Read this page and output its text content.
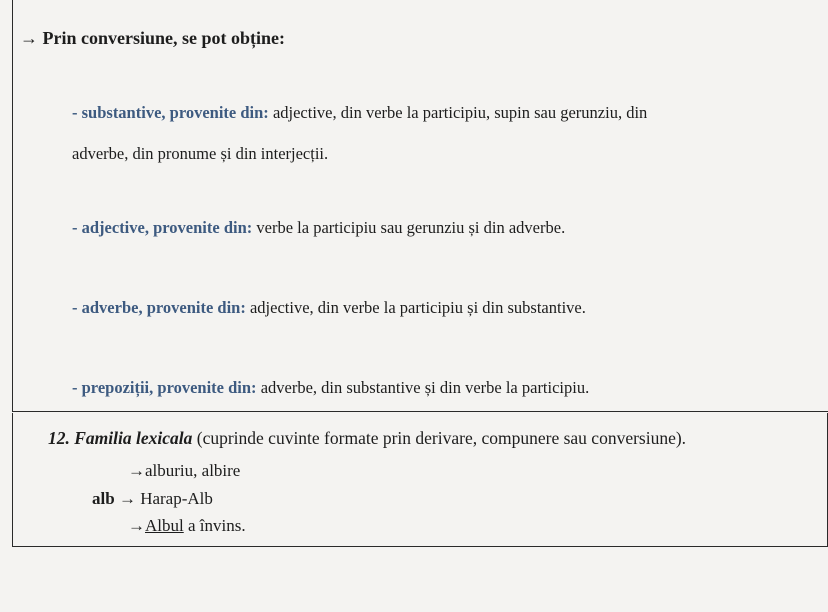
→ Prin conversiune, se pot obține:
- substantive, provenite din: adjective, din verbe la participiu, supin sau gerunziu, din
adverbe, din pronume și din interjecții.
- adjective, provenite din: verbe la participiu sau gerunziu și din adverbe.
- adverbe, provenite din: adjective, din verbe la participiu și din substantive.
- prepoziții, provenite din: adverbe, din substantive și din verbe la participiu.
12. Familia lexicala (cuprinde cuvinte formate prin derivare, compunere sau conversiune).
→alburiu, albire
alb → Harap-Alb
→Albul a învins.
